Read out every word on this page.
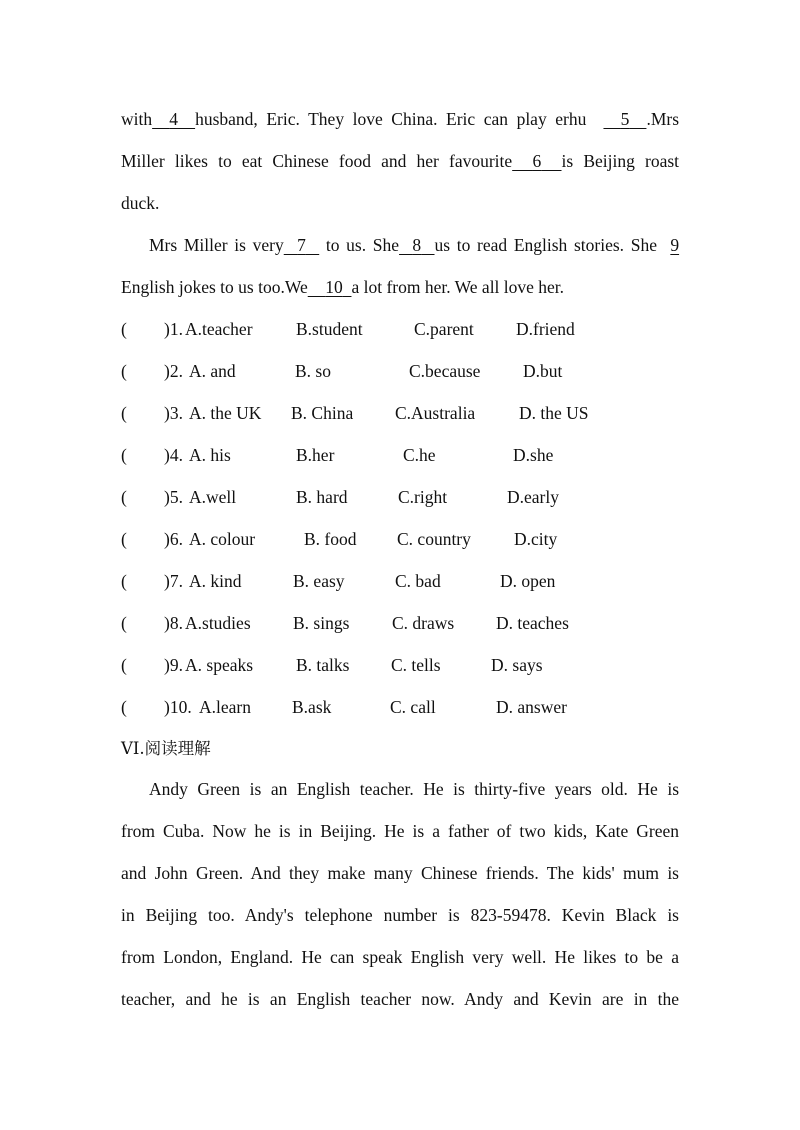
with 4 husband, Eric. They love China. Eric can play erhu 5 .Mrs
Miller likes to eat Chinese food and her favourite 6 is Beijing roast
duck.
Mrs Miller is very 7 to us. She 8 us to read English stories. She 9
English jokes to us too.We 10 a lot from her. We all love her.
( )1. A.teacher B.student	C.parent D.friend
( )2. A. and	B. so	C.because D.but
( )3. A. the UK B. China C.Australia	D. the US
( )4. A. his	B.her	C.he	D.she
( )5. A.well	B. hard	C.right	D.early
( )6. A. colour	B. food C. country D.city
( )7. A. kind	B. easy	C. bad	D. open
( )8. A.studies B. sings C. draws D. teaches
( )9. A. speaks B. talks C. tells	D. says
( )10. A.learn B.ask	C. call	D. answer
VI.阅读理解
Andy Green is an English teacher. He is thirty-five years old. He is
from Cuba. Now he is in Beijing. He is a father of two kids, Kate Green
and John Green. And they make many Chinese friends. The kids' mum is
in Beijing too. Andy's telephone number is 823-59478. Kevin Black is
from London, England. He can speak English very well. He likes to be a
teacher, and he is an English teacher now. Andy and Kevin are in the
